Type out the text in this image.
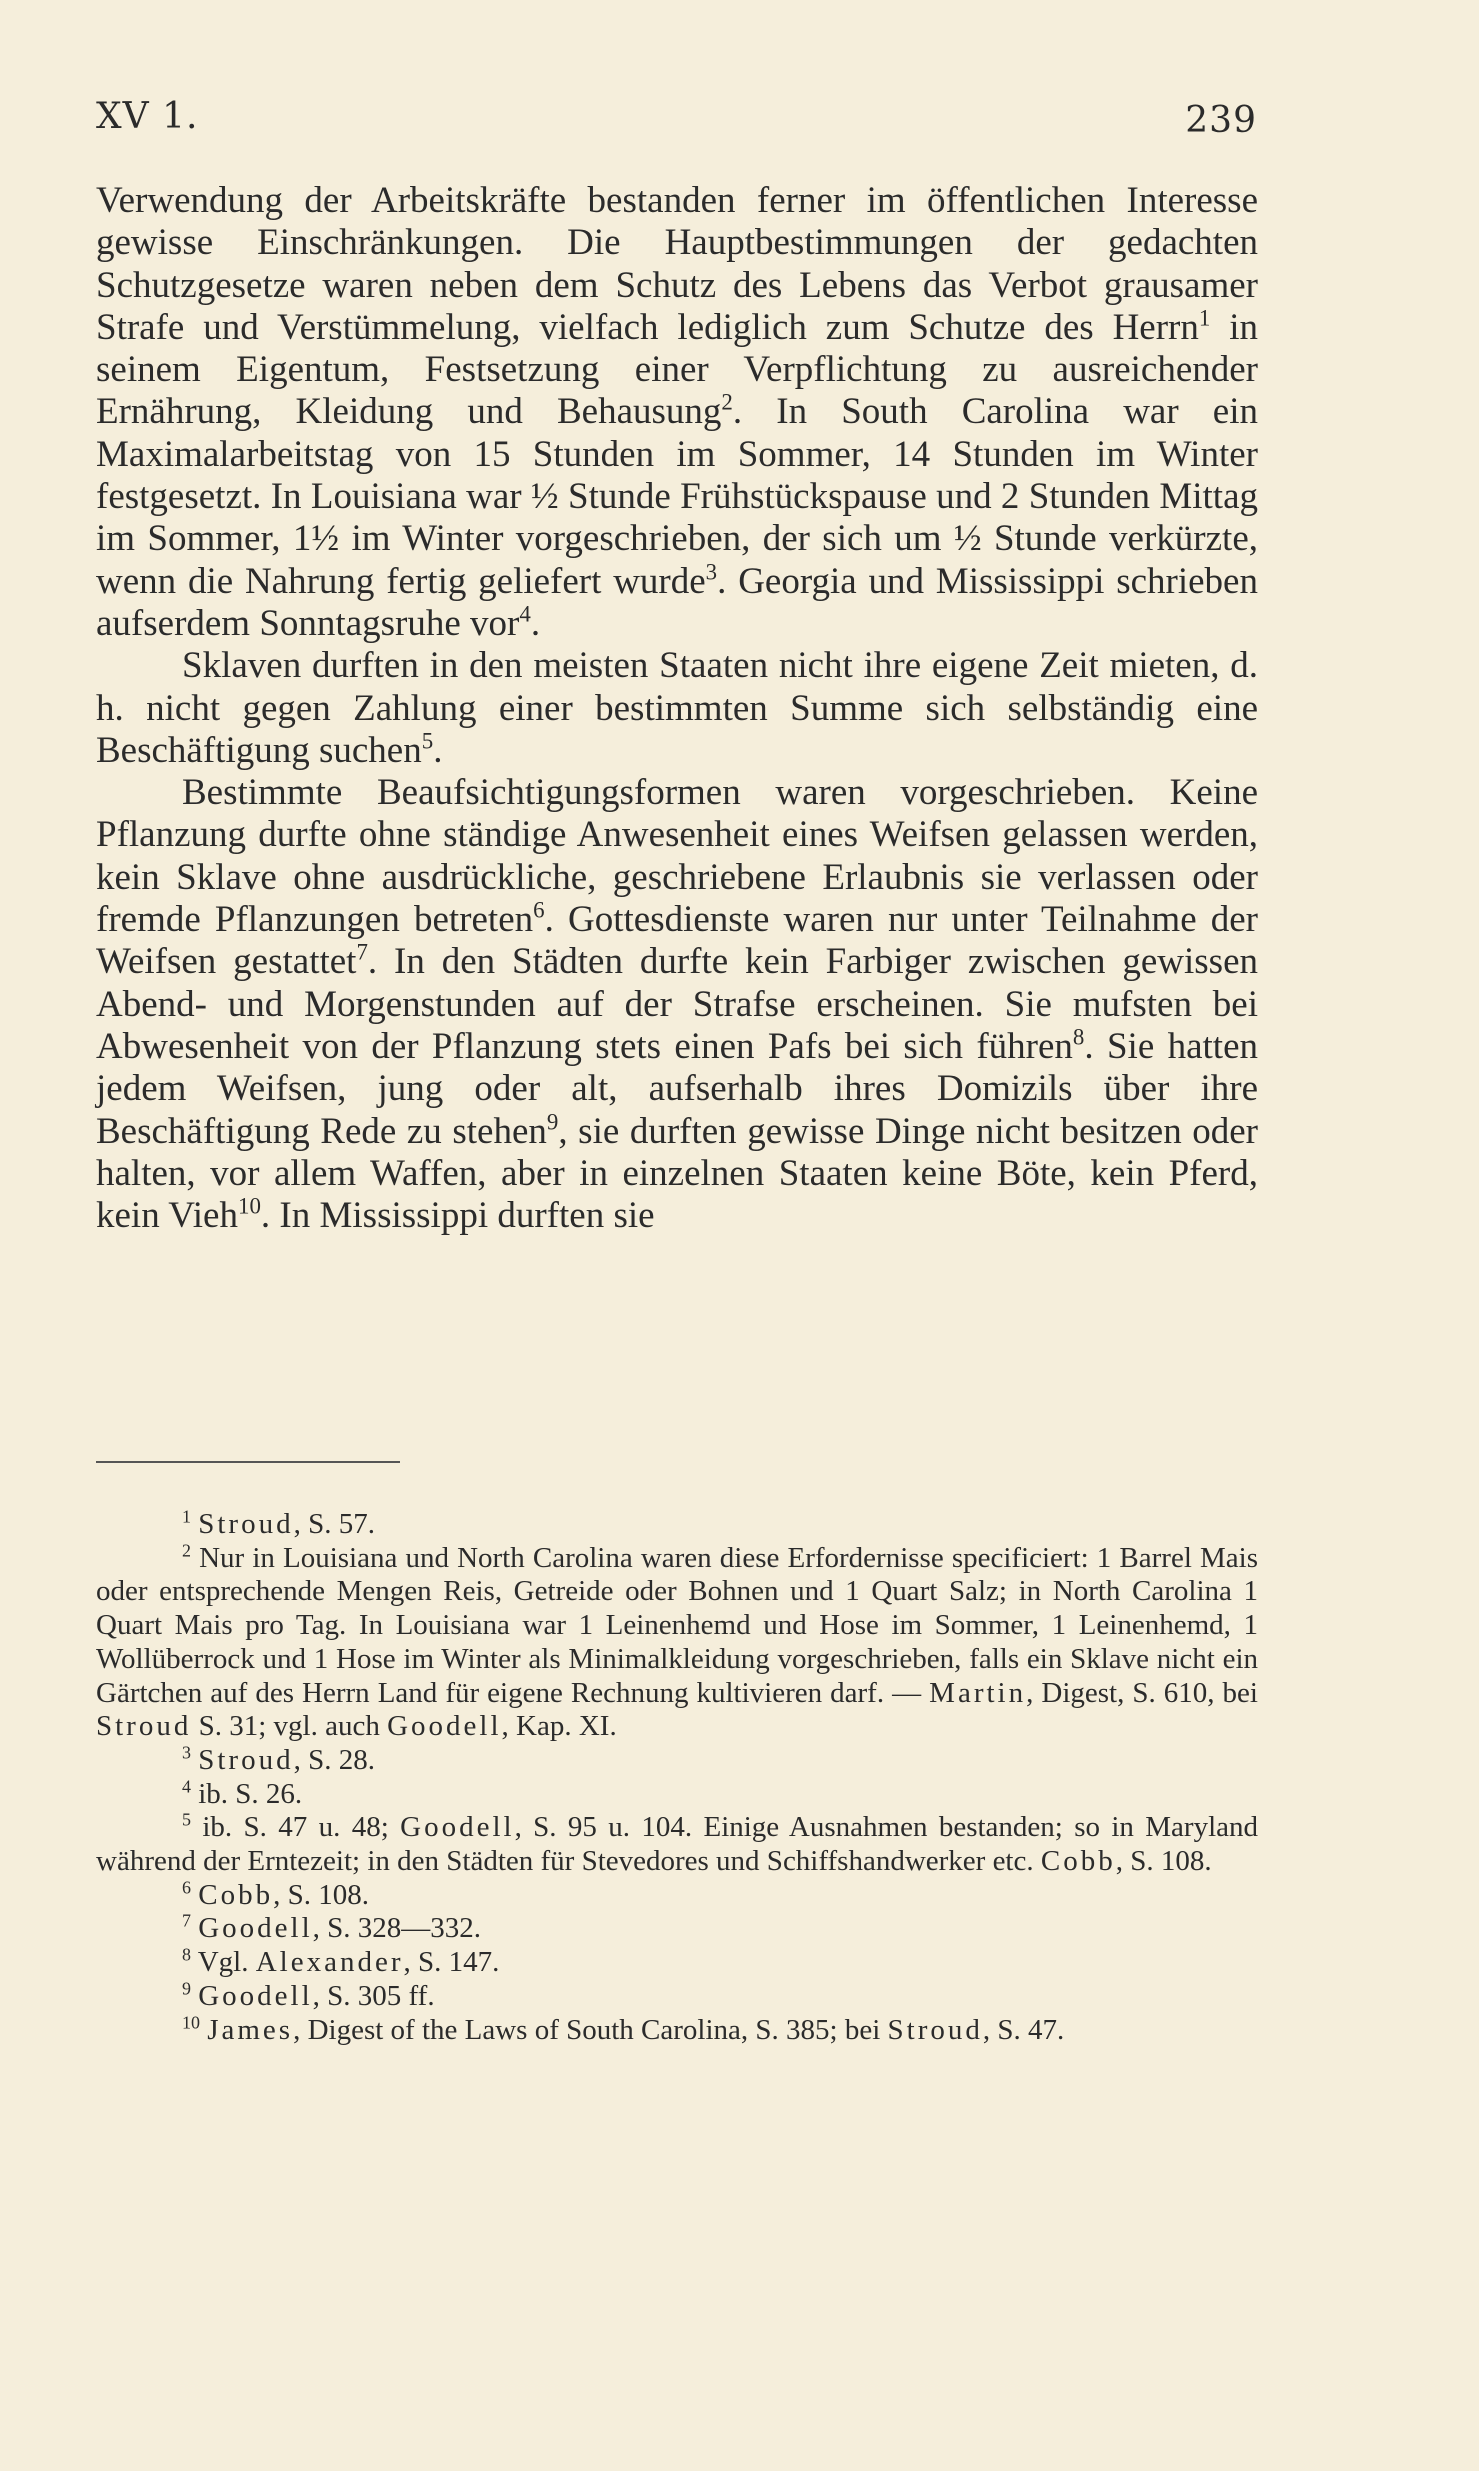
XV 1.	239

Verwendung der Arbeitskräfte bestanden ferner im öffentlichen Interesse gewisse Einschränkungen. Die Hauptbestimmungen der gedachten Schutzgesetze waren neben dem Schutz des Lebens das Verbot grausamer Strafe und Verstümmelung, vielfach lediglich zum Schutze des Herrn$^1$ in seinem Eigentum, Festsetzung einer Verpflichtung zu ausreichender Ernährung, Kleidung und Behausung$^2$. In South Carolina war ein Maximalarbeitstag von 15 Stunden im Sommer, 14 Stunden im Winter festgesetzt. In Louisiana war ½ Stunde Frühstückspause und 2 Stunden Mittag im Sommer, 1½ im Winter vorgeschrieben, der sich um ½ Stunde verkürzte, wenn die Nahrung fertig geliefert wurde$^3$. Georgia und Mississippi schrieben aufserdem Sonntagsruhe vor$^4$.

Sklaven durften in den meisten Staaten nicht ihre eigene Zeit mieten, d. h. nicht gegen Zahlung einer bestimmten Summe sich selbständig eine Beschäftigung suchen$^5$.

Bestimmte Beaufsichtigungsformen waren vorgeschrieben. Keine Pflanzung durfte ohne ständige Anwesenheit eines Weifsen gelassen werden, kein Sklave ohne ausdrückliche, geschriebene Erlaubnis sie verlassen oder fremde Pflanzungen betreten$^6$. Gottesdienste waren nur unter Teilnahme der Weifsen gestattet$^7$. In den Städten durfte kein Farbiger zwischen gewissen Abend- und Morgenstunden auf der Strafse erscheinen. Sie mufsten bei Abwesenheit von der Pflanzung stets einen Pafs bei sich führen$^8$. Sie hatten jedem Weifsen, jung oder alt, aufserhalb ihres Domizils über ihre Beschäftigung Rede zu stehen$^9$, sie durften gewisse Dinge nicht besitzen oder halten, vor allem Waffen, aber in einzelnen Staaten keine Böte, kein Pferd, kein Vieh$^{10}$. In Mississippi durften sie

$^1$ Stroud, S. 57.

$^2$ Nur in Louisiana und North Carolina waren diese Erfordernisse specificiert: 1 Barrel Mais oder entsprechende Mengen Reis, Getreide oder Bohnen und 1 Quart Salz; in North Carolina 1 Quart Mais pro Tag. In Louisiana war 1 Leinenhemd und Hose im Sommer, 1 Leinenhemd, 1 Wollüberrock und 1 Hose im Winter als Minimalkleidung vorgeschrieben, falls ein Sklave nicht ein Gärtchen auf des Herrn Land für eigene Rechnung kultivieren darf. — Martin, Digest, S. 610, bei Stroud S. 31; vgl. auch Goodell, Kap. XI.

$^3$ Stroud, S. 28.

$^4$ ib. S. 26.

$^5$ ib. S. 47 u. 48; Goodell, S. 95 u. 104. Einige Ausnahmen bestanden; so in Maryland während der Erntezeit; in den Städten für Stevedores und Schiffshandwerker etc. Cobb, S. 108.

$^6$ Cobb, S. 108.

$^7$ Goodell, S. 328—332.

$^8$ Vgl. Alexander, S. 147.

$^9$ Goodell, S. 305 ff.

$^{10}$ James, Digest of the Laws of South Carolina, S. 385; bei Stroud, S. 47.
